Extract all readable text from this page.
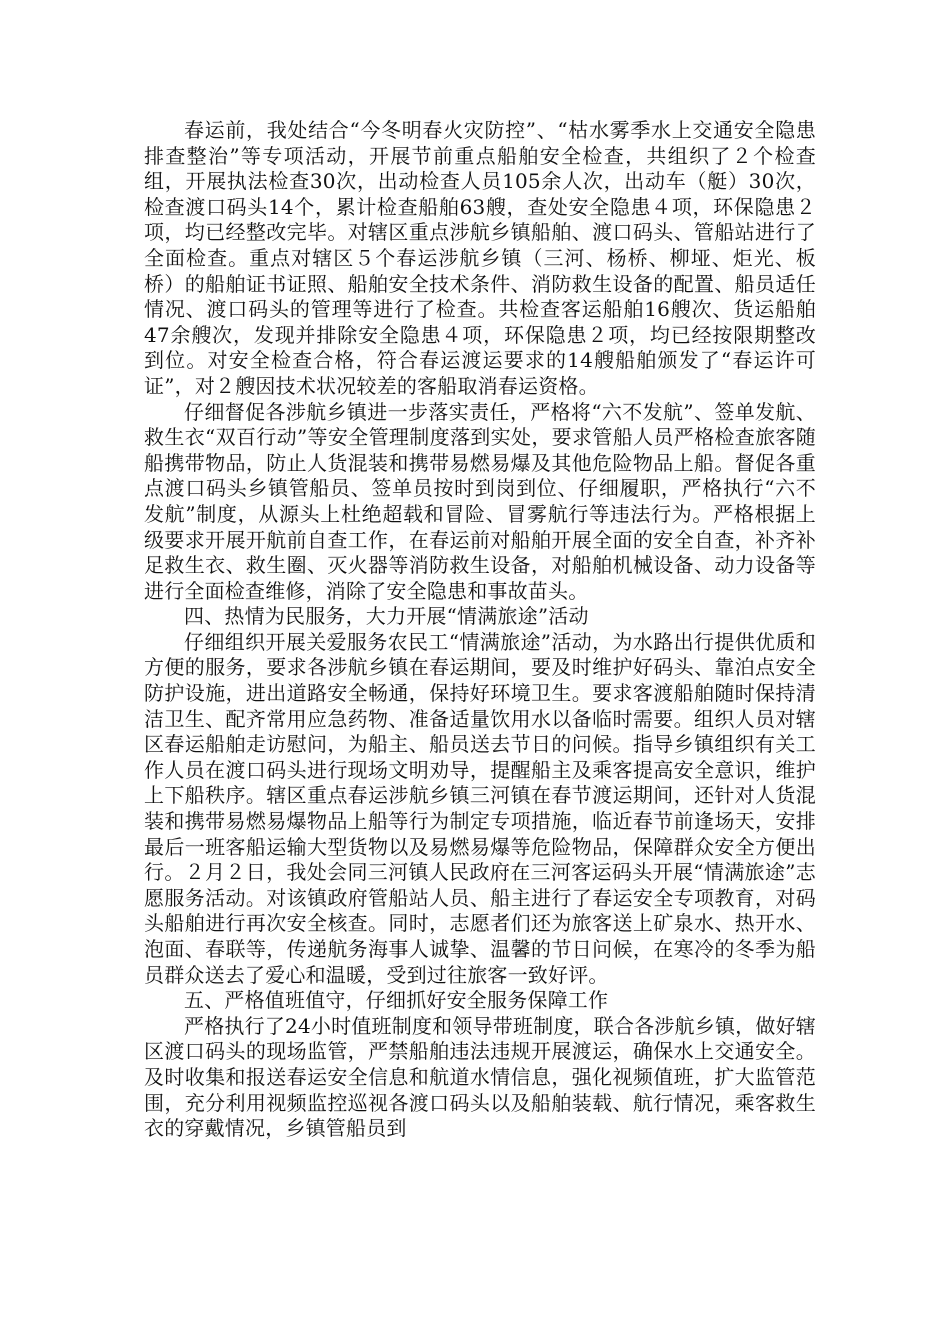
春运前，我处结合“今冬明春火灾防控”、“枯水雾季水上交通安全隐患排查整治”等专项活动，开展节前重点船舶安全检查，共组织了２个检查组，开展执法检查30次，出动检查人员105余人次，出动车（艇）30次，检查渡口码头14个，累计检查船舶63艘，查处安全隐患４项，环保隐患２项，均已经整改完毕。对辖区重点涉航乡镇船舶、渡口码头、管船站进行了全面检查。重点对辖区５个春运涉航乡镇（三河、杨桥、柳垭、炬光、板桥）的船舶证书证照、船舶安全技术条件、消防救生设备的配置、船员适任情况、渡口码头的管理等进行了检查。共检查客运船舶16艘次、货运船舶47余艘次，发现并排除安全隐患４项，环保隐患２项，均已经按限期整改到位。对安全检查合格，符合春运渡运要求的14艘船舶颁发了“春运许可证”，对２艘因技术状况较差的客船取消春运资格。

仔细督促各涉航乡镇进一步落实责任，严格将“六不发航”、签单发航、救生衣“双百行动”等安全管理制度落到实处，要求管船人员严格检查旅客随船携带物品，防止人货混装和携带易燃易爆及其他危险物品上船。督促各重点渡口码头乡镇管船员、签单员按时到岗到位、仔细履职，严格执行“六不发航”制度，从源头上杜绝超载和冒险、冒雾航行等违法行为。严格根据上级要求开展开航前自查工作，在春运前对船舶开展全面的安全自查，补齐补足救生衣、救生圈、灭火器等消防救生设备，对船舶机械设备、动力设备等进行全面检查维修，消除了安全隐患和事故苗头。

四、热情为民服务，大力开展“情满旅途”活动

仔细组织开展关爱服务农民工“情满旅途”活动，为水路出行提供优质和方便的服务，要求各涉航乡镇在春运期间，要及时维护好码头、靠泊点安全防护设施，进出道路安全畅通，保持好环境卫生。要求客渡船舶随时保持清洁卫生、配齐常用应急药物、准备适量饮用水以备临时需要。组织人员对辖区春运船舶走访慰问，为船主、船员送去节日的问候。指导乡镇组织有关工作人员在渡口码头进行现场文明劝导，提醒船主及乘客提高安全意识，维护上下船秩序。辖区重点春运涉航乡镇三河镇在春节渡运期间，还针对人货混装和携带易燃易爆物品上船等行为制定专项措施，临近春节前逢场天，安排最后一班客船运输大型货物以及易燃易爆等危险物品，保障群众安全方便出行。２月２日，我处会同三河镇人民政府在三河客运码头开展“情满旅途”志愿服务活动。对该镇政府管船站人员、船主进行了春运安全专项教育，对码头船舶进行再次安全核查。同时，志愿者们还为旅客送上矿泉水、热开水、泡面、春联等，传递航务海事人诚挚、温馨的节日问候，在寒冷的冬季为船员群众送去了爱心和温暖，受到过往旅客一致好评。

五、严格值班值守，仔细抓好安全服务保障工作

严格执行了24小时值班制度和领导带班制度，联合各涉航乡镇，做好辖区渡口码头的现场监管，严禁船舶违法违规开展渡运，确保水上交通安全。及时收集和报送春运安全信息和航道水情信息，强化视频值班，扩大监管范围，充分利用视频监控巡视各渡口码头以及船舶装载、航行情况，乘客救生衣的穿戴情况，乡镇管船员到
